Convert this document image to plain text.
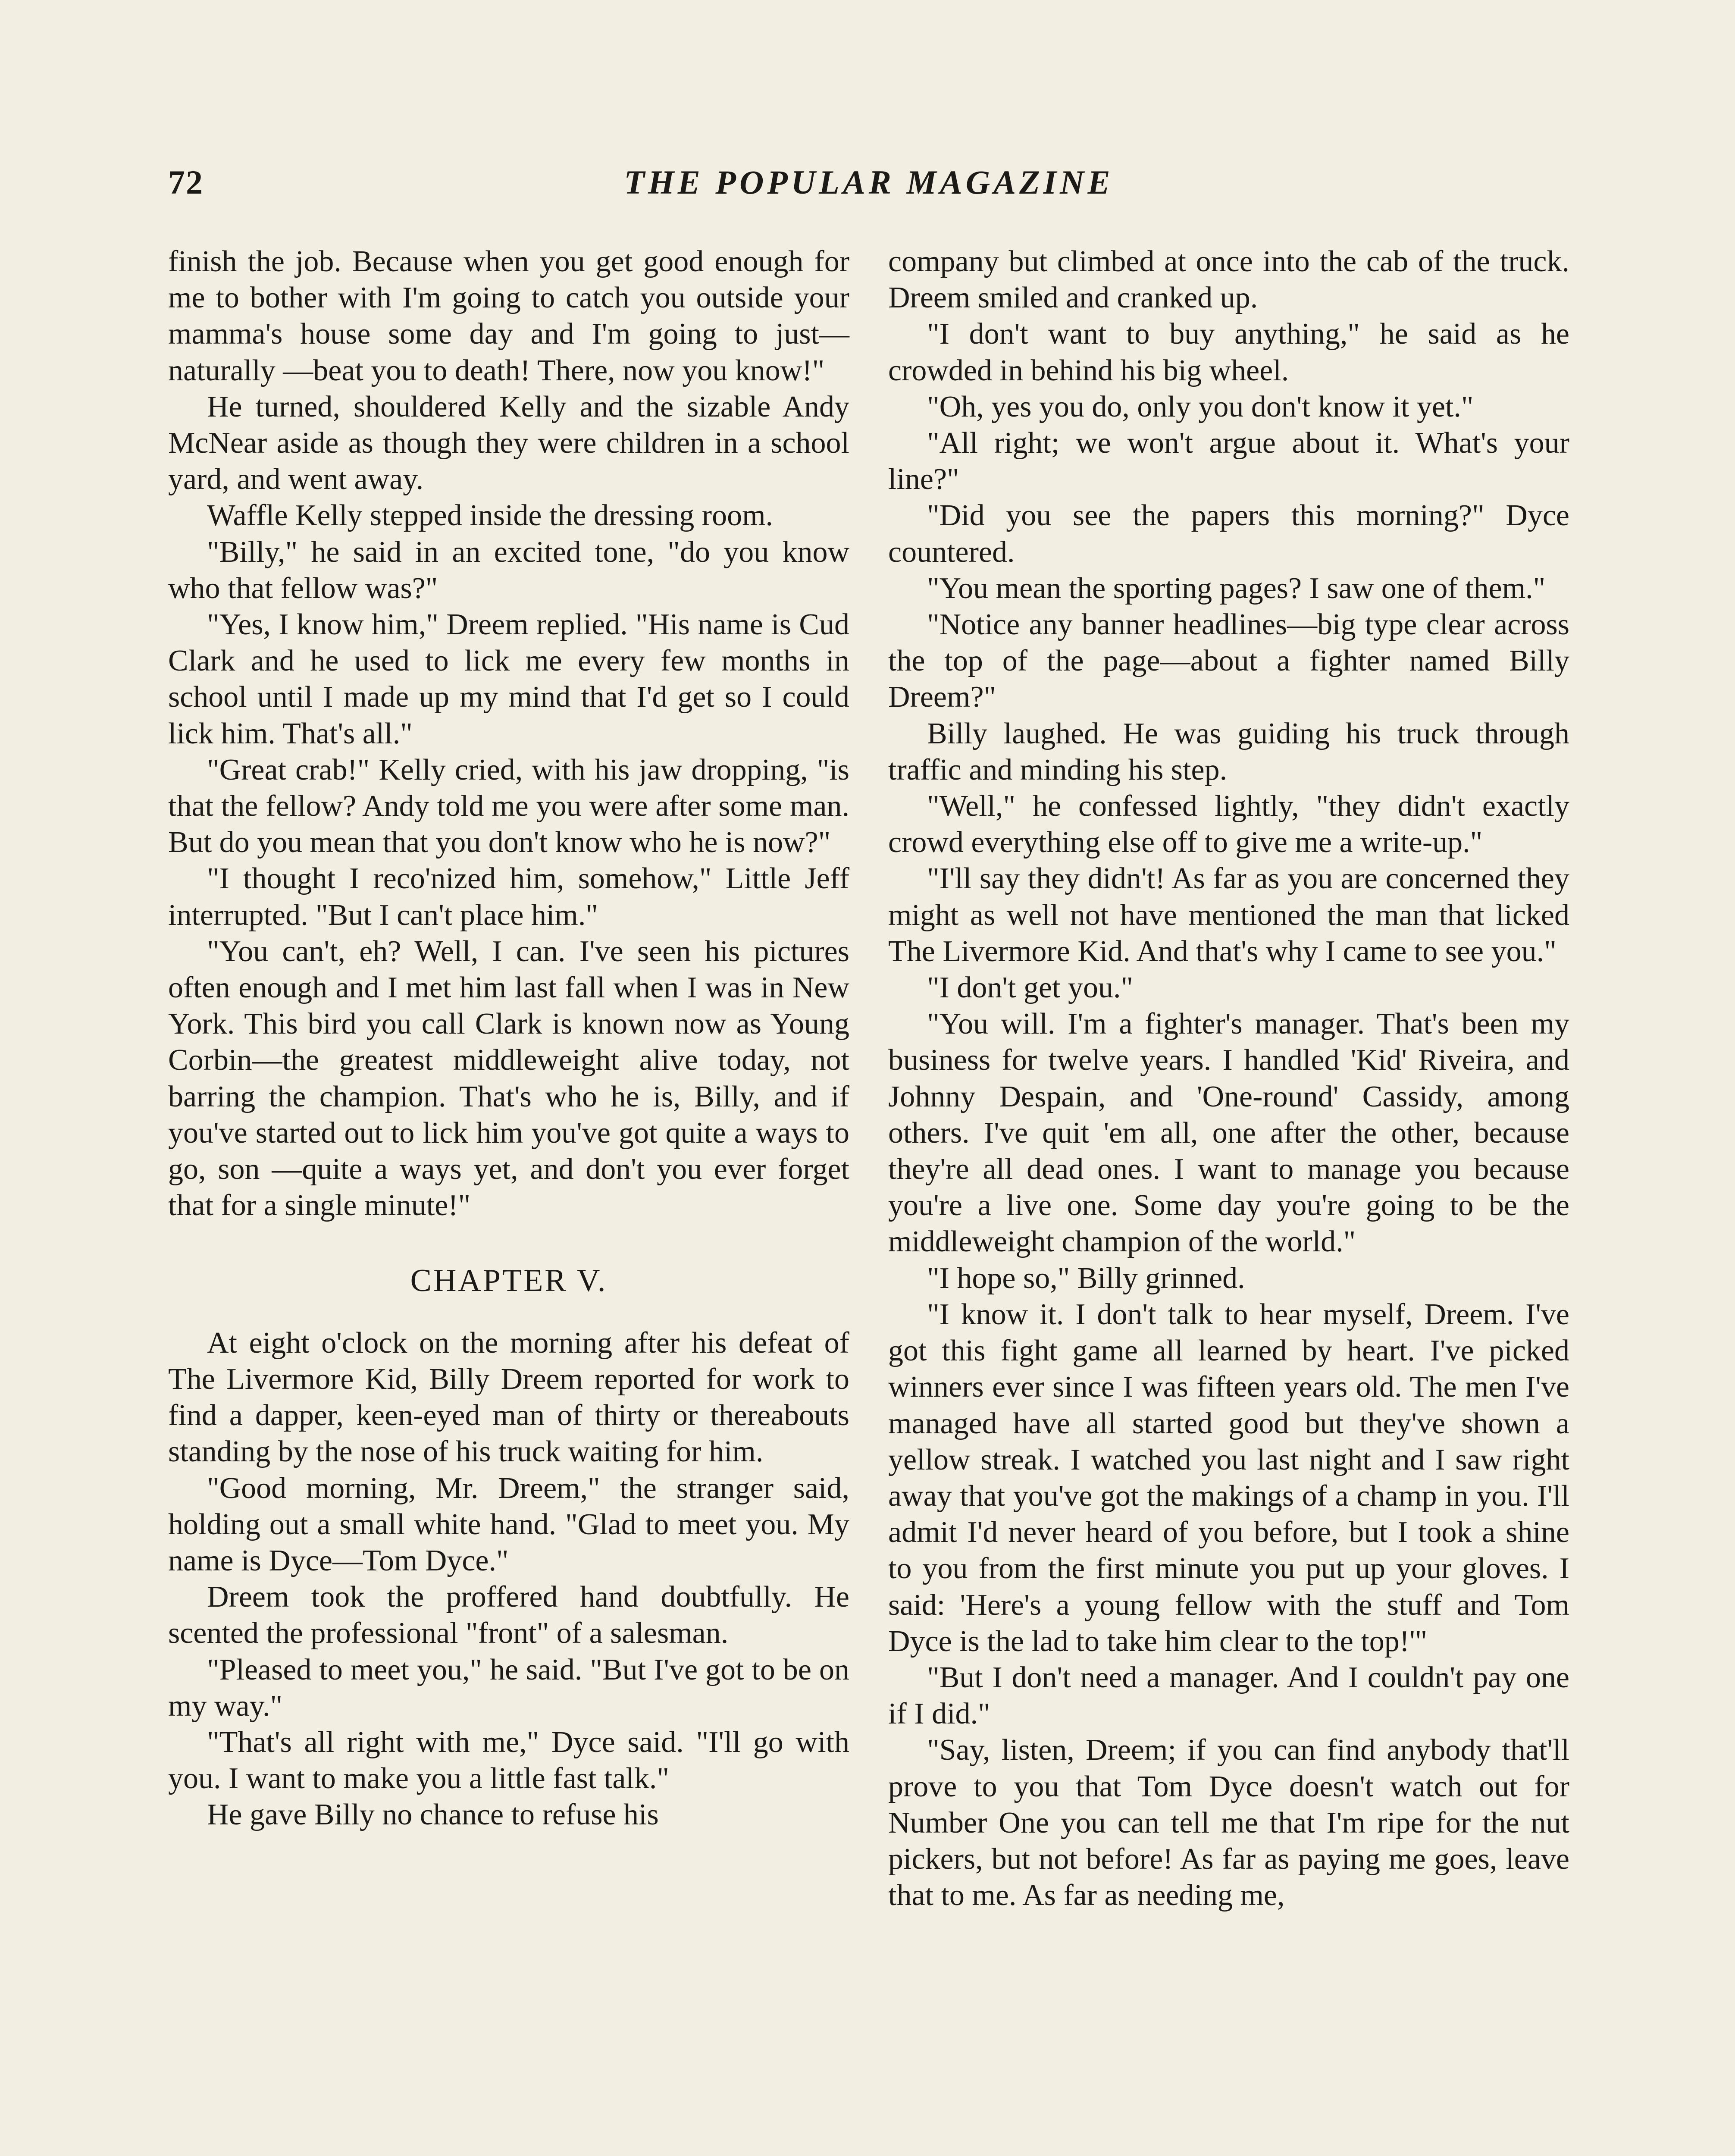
72	THE POPULAR MAGAZINE

finish the job. Because when you get good enough for me to bother with I'm going to catch you outside your mamma's house some day and I'm going to just—naturally —beat you to death! There, now you know!"

He turned, shouldered Kelly and the sizable Andy McNear aside as though they were children in a school yard, and went away.

Waffle Kelly stepped inside the dressing room.

"Billy," he said in an excited tone, "do you know who that fellow was?"

"Yes, I know him," Dreem replied. "His name is Cud Clark and he used to lick me every few months in school until I made up my mind that I'd get so I could lick him. That's all."

"Great crab!" Kelly cried, with his jaw dropping, "is that the fellow? Andy told me you were after some man. But do you mean that you don't know who he is now?"

"I thought I reco'nized him, somehow," Little Jeff interrupted. "But I can't place him."

"You can't, eh? Well, I can. I've seen his pictures often enough and I met him last fall when I was in New York. This bird you call Clark is known now as Young Corbin—the greatest middleweight alive today, not barring the champion. That's who he is, Billy, and if you've started out to lick him you've got quite a ways to go, son —quite a ways yet, and don't you ever forget that for a single minute!"

CHAPTER V.

At eight o'clock on the morning after his defeat of The Livermore Kid, Billy Dreem reported for work to find a dapper, keen-eyed man of thirty or thereabouts standing by the nose of his truck waiting for him.

"Good morning, Mr. Dreem," the stranger said, holding out a small white hand. "Glad to meet you. My name is Dyce—Tom Dyce."

Dreem took the proffered hand doubtfully. He scented the professional "front" of a salesman.

"Pleased to meet you," he said. "But I've got to be on my way."

"That's all right with me," Dyce said. "I'll go with you. I want to make you a little fast talk."

He gave Billy no chance to refuse his

company but climbed at once into the cab of the truck. Dreem smiled and cranked up.

"I don't want to buy anything," he said as he crowded in behind his big wheel.

"Oh, yes you do, only you don't know it yet."

"All right; we won't argue about it. What's your line?"

"Did you see the papers this morning?" Dyce countered.

"You mean the sporting pages? I saw one of them."

"Notice any banner headlines—big type clear across the top of the page—about a fighter named Billy Dreem?"

Billy laughed. He was guiding his truck through traffic and minding his step.

"Well," he confessed lightly, "they didn't exactly crowd everything else off to give me a write-up."

"I'll say they didn't! As far as you are concerned they might as well not have mentioned the man that licked The Livermore Kid. And that's why I came to see you."

"I don't get you."

"You will. I'm a fighter's manager. That's been my business for twelve years. I handled 'Kid' Riveira, and Johnny Despain, and 'One-round' Cassidy, among others. I've quit 'em all, one after the other, because they're all dead ones. I want to manage you because you're a live one. Some day you're going to be the middleweight champion of the world."

"I hope so," Billy grinned.

"I know it. I don't talk to hear myself, Dreem. I've got this fight game all learned by heart. I've picked winners ever since I was fifteen years old. The men I've managed have all started good but they've shown a yellow streak. I watched you last night and I saw right away that you've got the makings of a champ in you. I'll admit I'd never heard of you before, but I took a shine to you from the first minute you put up your gloves. I said: 'Here's a young fellow with the stuff and Tom Dyce is the lad to take him clear to the top!'"

"But I don't need a manager. And I couldn't pay one if I did."

"Say, listen, Dreem; if you can find anybody that'll prove to you that Tom Dyce doesn't watch out for Number One you can tell me that I'm ripe for the nut pickers, but not before! As far as paying me goes, leave that to me. As far as needing me,
